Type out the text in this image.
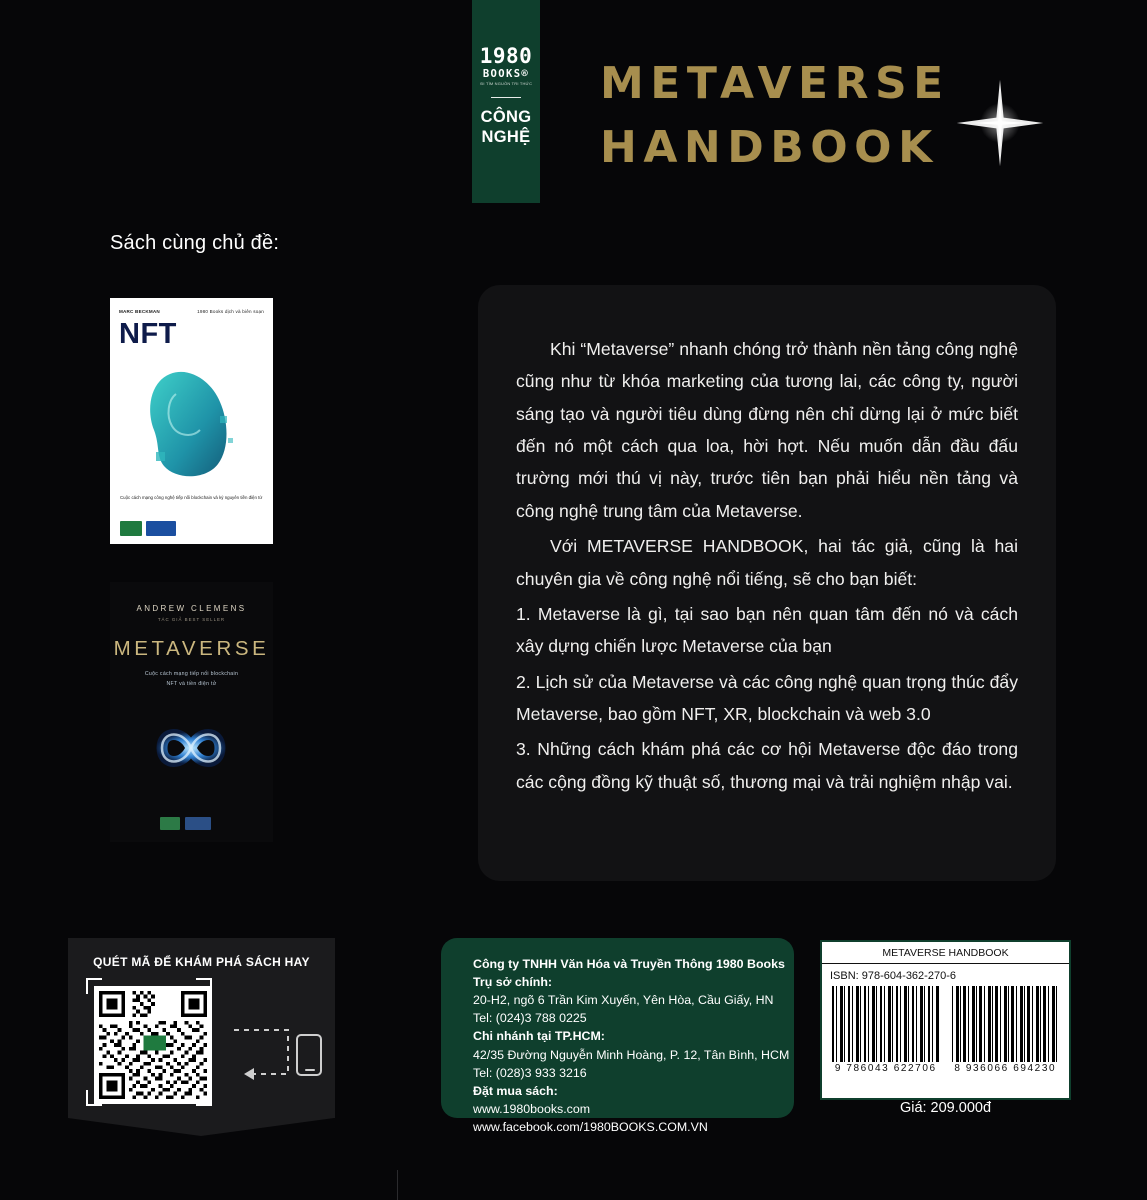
1980
BOOKS®
ĐI TÌM NGUỒN TRI THỨC
CÔNG
NGHỆ
METAVERSE
HANDBOOK
Sách cùng chủ đề:
MARC BECKMAN	1980 Books dịch và biên soạn
NFT
Cuộc cách mạng công nghệ tiếp nối blockchain và kỷ nguyên tiền điện tử
ANDREW CLEMENS
TÁC GIẢ BEST SELLER
METAVERSE
Cuộc cách mạng tiếp nối blockchain
NFT và tiền điện tử

Khi “Metaverse” nhanh chóng trở thành nền tảng công nghệ cũng như từ khóa marketing của tương lai, các công ty, người sáng tạo và người tiêu dùng đừng nên chỉ dừng lại ở mức biết đến nó một cách qua loa, hời hợt. Nếu muốn dẫn đầu đấu trường mới thú vị này, trước tiên bạn phải hiểu nền tảng và công nghệ trung tâm của Metaverse.

Với METAVERSE HANDBOOK, hai tác giả, cũng là hai chuyên gia về công nghệ nổi tiếng, sẽ cho bạn biết:

1. Metaverse là gì, tại sao bạn nên quan tâm đến nó và cách xây dựng chiến lược Metaverse của bạn

2. Lịch sử của Metaverse và các công nghệ quan trọng thúc đẩy Metaverse, bao gồm NFT, XR, blockchain và web 3.0

3. Những cách khám phá các cơ hội Metaverse độc đáo trong các cộng đồng kỹ thuật số, thương mại và trải nghiệm nhập vai.

QUÉT MÃ ĐỂ KHÁM PHÁ SÁCH HAY	Công ty TNHH Văn Hóa và Truyền Thông 1980 Books
Trụ sở chính:
20-H2, ngõ 6 Trần Kim Xuyến, Yên Hòa, Cầu Giấy, HN
Tel: (024)3 788 0225
Chi nhánh tại TP.HCM:
42/35 Đường Nguyễn Minh Hoàng, P. 12, Tân Bình, HCM
Tel: (028)3 933 3216
Đặt mua sách:
www.1980books.com
www.facebook.com/1980BOOKS.COM.VN
METAVERSE HANDBOOK
ISBN: 978-604-362-270-6
9 786043 622706 8 936066 694230
Giá: 209.000đ
